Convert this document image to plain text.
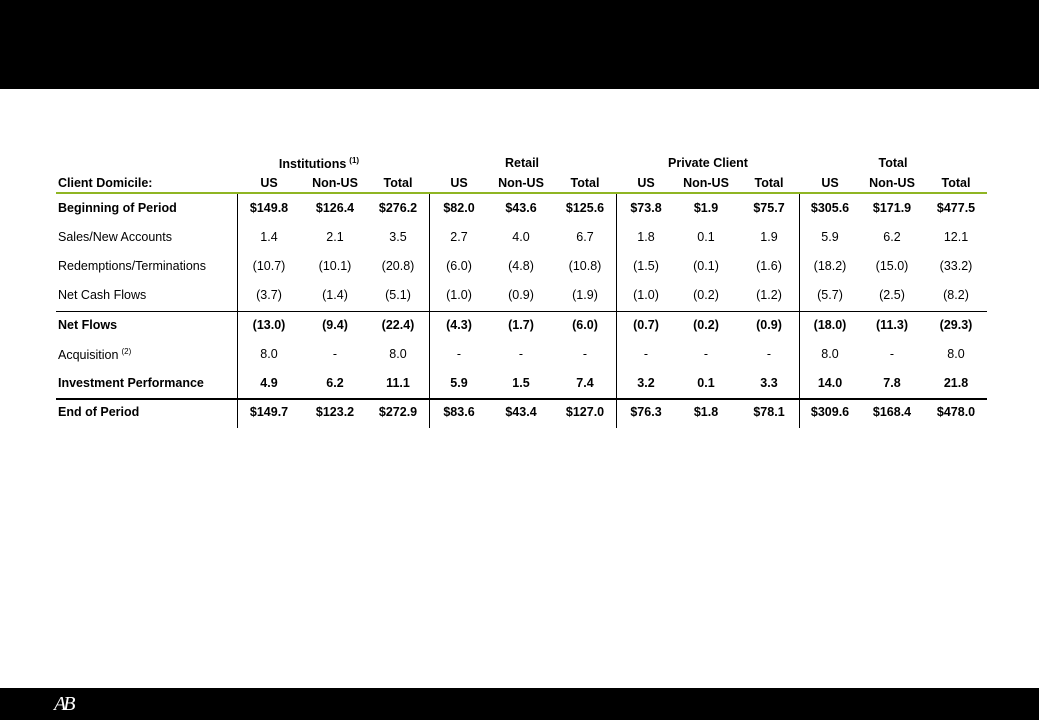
Client Domicile:
Institutions $^{(1)}$	Retail	Private Client	Total
US	Non-US Total	US Non-US Total	US Non-US Total	US Non-US Total
Beginning of Period	$149.8 $126.4 $276.2 $82.0 $43.6 $125.6 $73.8	$1.9	$75.7 $305.6 $171.9 $477.5
Sales/New Accounts	1.4	2.1	3.5	2.7	4.0	6.7	1.8	0.1	1.9	5.9	6.2	12.1
Redemptions/Terminations	(10.7)	(10.1) (20.8)	(6.0)	(4.8)	(10.8)	(1.5)	(0.1)	(1.6)	(18.2) (15.0)	(33.2)
Net Cash Flows	(3.7)	(1.4)	(5.1)	(1.0)	(0.9)	(1.9)	(1.0)	(0.2)	(1.2)	(5.7)	(2.5)	(8.2)
Net Flows	(13.0)	(9.4)	(22.4)	(4.3)	(1.7)	(6.0)	(0.7)	(0.2)	(0.9)	(18.0) (11.3)	(29.3)
Acquisition $^{(2)}$	8.0	-	8.0	-	-	-	-	-	-	8.0	-	8.0
Investment Performance	4.9	6.2	11.1	5.9	1.5	7.4	3.2	0.1	3.3	14.0	7.8	21.8
End of Period	$149.7 $123.2 $272.9 $83.6 $43.4 $127.0 $76.3	$1.8	$78.1 $309.6 $168.4 $478.0
AB
